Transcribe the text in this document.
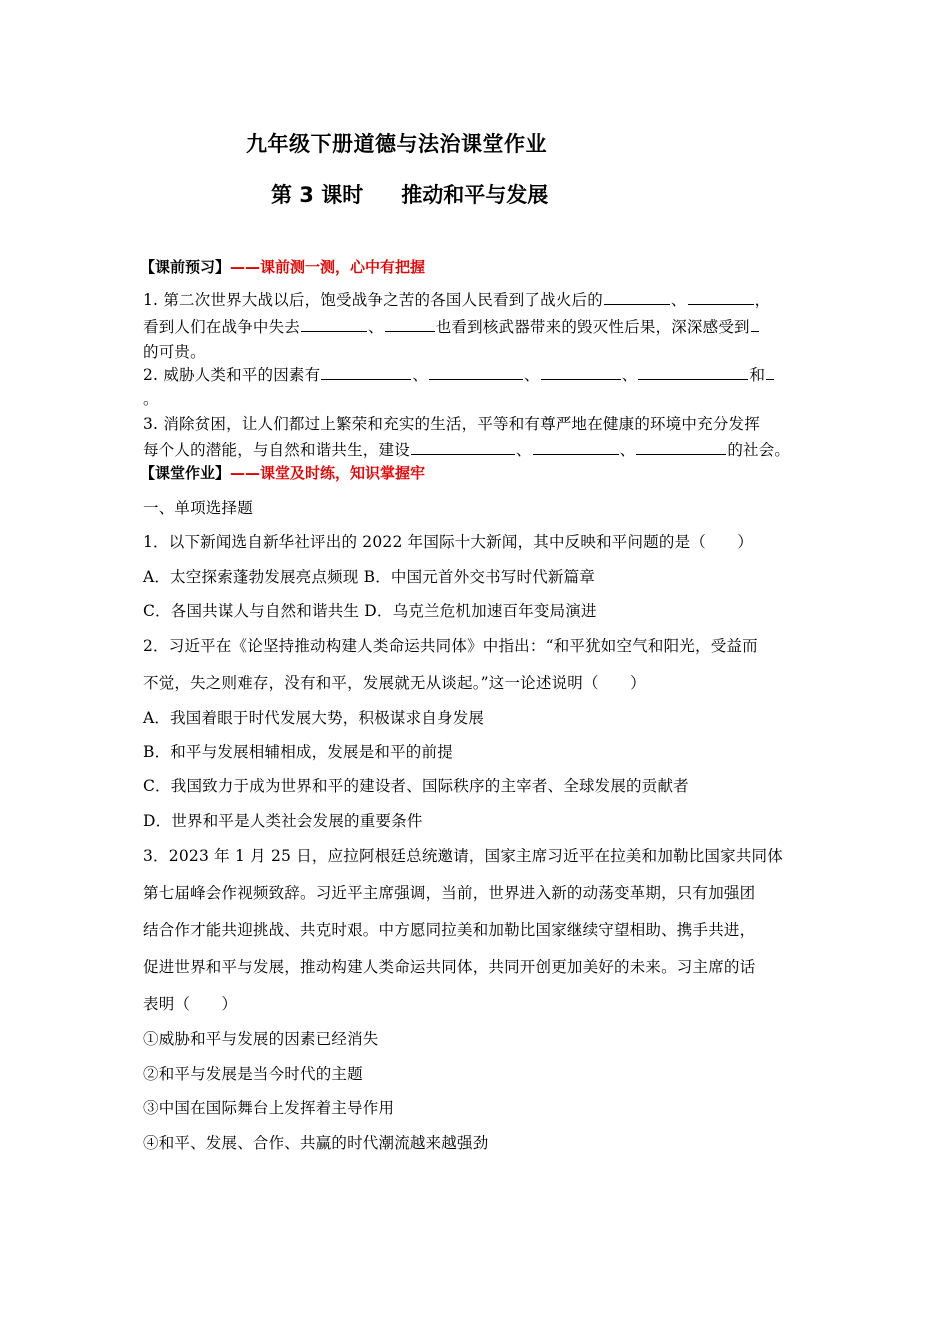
九年级下册道德与法治课堂作业
第 3 课时 推动和平与发展
【课前预习】——课前测一测，心中有把握
1. 第二次世界大战以后，饱受战争之苦的各国人民看到了战火后的	、	，
看到人们在战争中失去	、	也看到核武器带来的毁灭性后果，深深感受到
的可贵。
2. 威胁人类和平的因素有	、	、	、	和
。
3. 消除贫困，让人们都过上繁荣和充实的生活，平等和有尊严地在健康的环境中充分发挥
每个人的潜能，与自然和谐共生，建设	、	、	的社会。
【课堂作业】——课堂及时练，知识掌握牢
一、单项选择题
1．以下新闻选自新华社评出的 2022 年国际十大新闻，其中反映和平问题的是（　　）
A．太空探索蓬勃发展亮点频现 B．中国元首外交书写时代新篇章
C．各国共谋人与自然和谐共生 D．乌克兰危机加速百年变局演进
2．习近平在《论坚持推动构建人类命运共同体》中指出：“和平犹如空气和阳光，受益而
不觉，失之则难存，没有和平，发展就无从谈起。”这一论述说明（　　）
A．我国着眼于时代发展大势，积极谋求自身发展
B．和平与发展相辅相成，发展是和平的前提
C．我国致力于成为世界和平的建设者、国际秩序的主宰者、全球发展的贡献者
D．世界和平是人类社会发展的重要条件
3．2023 年 1 月 25 日，应拉阿根廷总统邀请，国家主席习近平在拉美和加勒比国家共同体
第七届峰会作视频致辞。习近平主席强调，当前，世界进入新的动荡变革期，只有加强团
结合作才能共迎挑战、共克时艰。中方愿同拉美和加勒比国家继续守望相助、携手共进，
促进世界和平与发展，推动构建人类命运共同体，共同开创更加美好的未来。习主席的话
表明（　　）
①威胁和平与发展的因素已经消失
②和平与发展是当今时代的主题
③中国在国际舞台上发挥着主导作用
④和平、发展、合作、共赢的时代潮流越来越强劲
